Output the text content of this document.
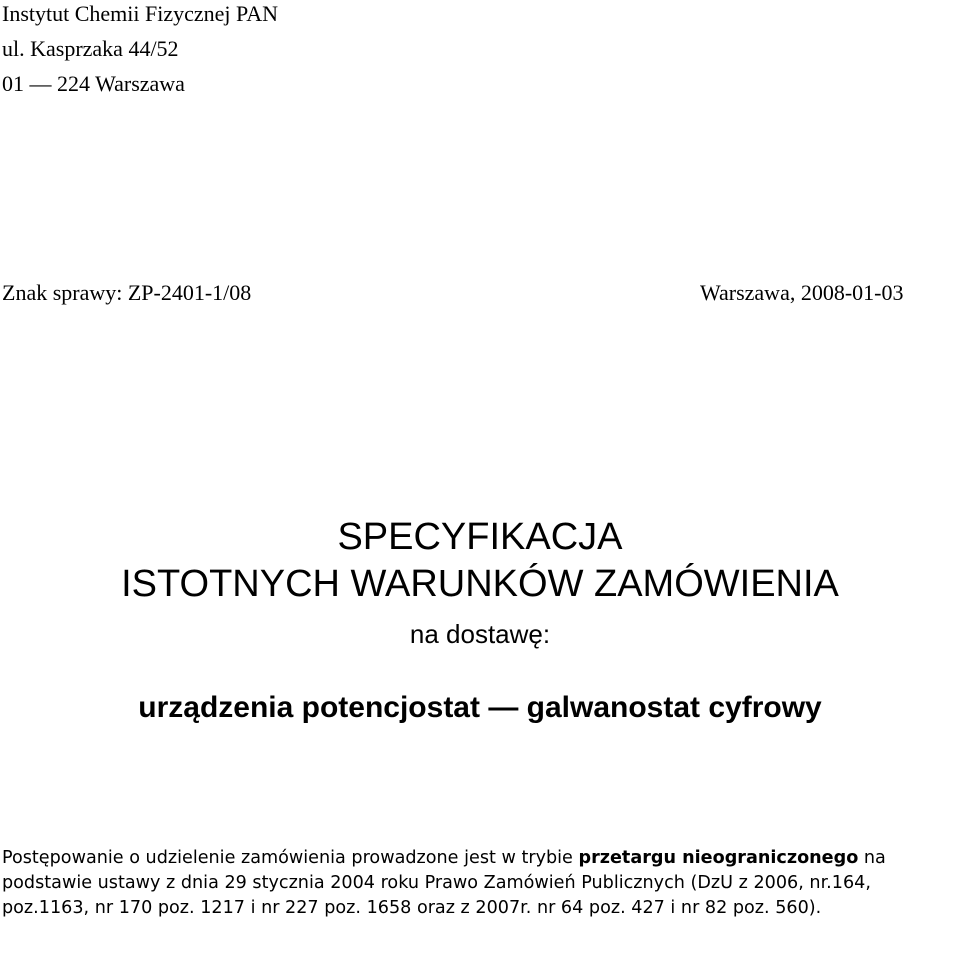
Instytut Chemii Fizycznej PAN
ul. Kasprzaka 44/52
01 — 224 Warszawa
Znak sprawy: ZP-2401-1/08	Warszawa, 2008-01-03
SPECYFIKACJA
ISTOTNYCH WARUNKÓW ZAMÓWIENIA
na dostawę:
urządzenia potencjostat — galwanostat cyfrowy
Postępowanie o udzielenie zamówienia prowadzone jest w trybie przetargu nieograniczonego na podstawie ustawy z dnia 29 stycznia 2004 roku Prawo Zamówień Publicznych (DzU z 2006, nr.164, poz.1163, nr 170 poz. 1217 i nr 227 poz. 1658 oraz z 2007r. nr 64 poz. 427 i nr 82 poz. 560).
